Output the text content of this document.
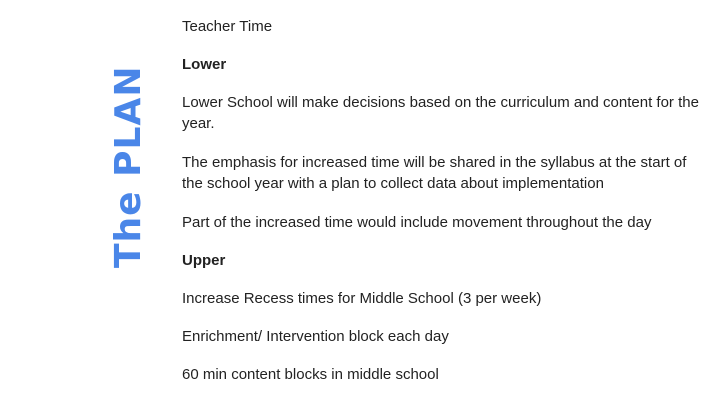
The PLAN

Teacher Time

Lower

Lower School will make decisions based on the curriculum and content for the year.

The emphasis for increased time will be shared in the syllabus at the start of the school year with a plan to collect data about implementation

Part of the increased time would include movement throughout the day

Upper

Increase Recess times for Middle School (3 per week)

Enrichment/ Intervention block each day

60 min content blocks in middle school
